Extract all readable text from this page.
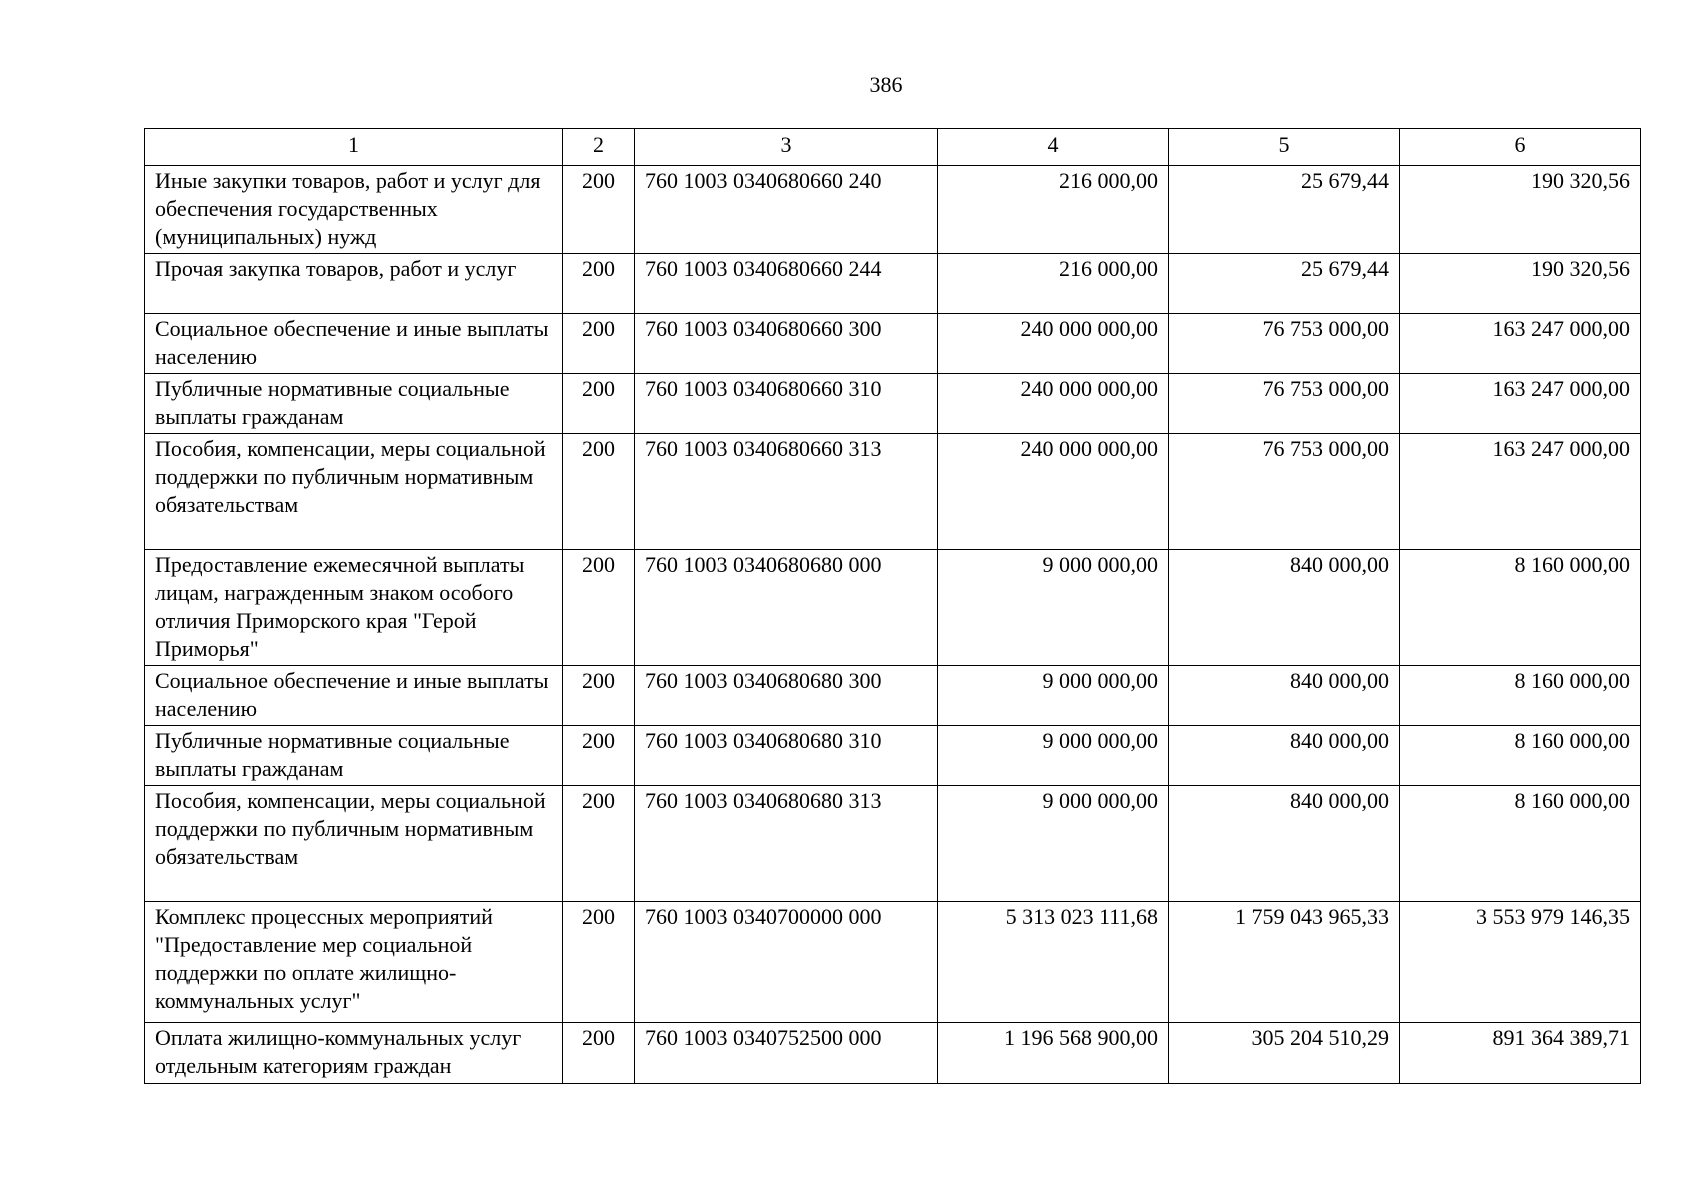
386
1	2	3	4	5	6
Иные закупки товаров, работ и услуг для обеспечения государственных (муниципальных) нужд	200	760 1003 0340680660 240	216 000,00	25 679,44	190 320,56
Прочая закупка товаров, работ и услуг	200	760 1003 0340680660 244	216 000,00	25 679,44	190 320,56
Социальное обеспечение и иные выплаты населению	200	760 1003 0340680660 300	240 000 000,00	76 753 000,00	163 247 000,00
Публичные нормативные социальные выплаты гражданам	200	760 1003 0340680660 310	240 000 000,00	76 753 000,00	163 247 000,00
Пособия, компенсации, меры социальной поддержки по публичным нормативным обязательствам	200	760 1003 0340680660 313	240 000 000,00	76 753 000,00	163 247 000,00
Предоставление ежемесячной выплаты лицам, награжденным знаком особого отличия Приморского края "Герой Приморья"	200	760 1003 0340680680 000	9 000 000,00	840 000,00	8 160 000,00
Социальное обеспечение и иные выплаты населению	200	760 1003 0340680680 300	9 000 000,00	840 000,00	8 160 000,00
Публичные нормативные социальные выплаты гражданам	200	760 1003 0340680680 310	9 000 000,00	840 000,00	8 160 000,00
Пособия, компенсации, меры социальной поддержки по публичным нормативным обязательствам	200	760 1003 0340680680 313	9 000 000,00	840 000,00	8 160 000,00
Комплекс процессных мероприятий "Предоставление мер социальной поддержки по оплате жилищно-коммунальных услуг"	200	760 1003 0340700000 000	5 313 023 111,68	1 759 043 965,33	3 553 979 146,35
Оплата жилищно-коммунальных услуг отдельным категориям граждан	200	760 1003 0340752500 000	1 196 568 900,00	305 204 510,29	891 364 389,71
